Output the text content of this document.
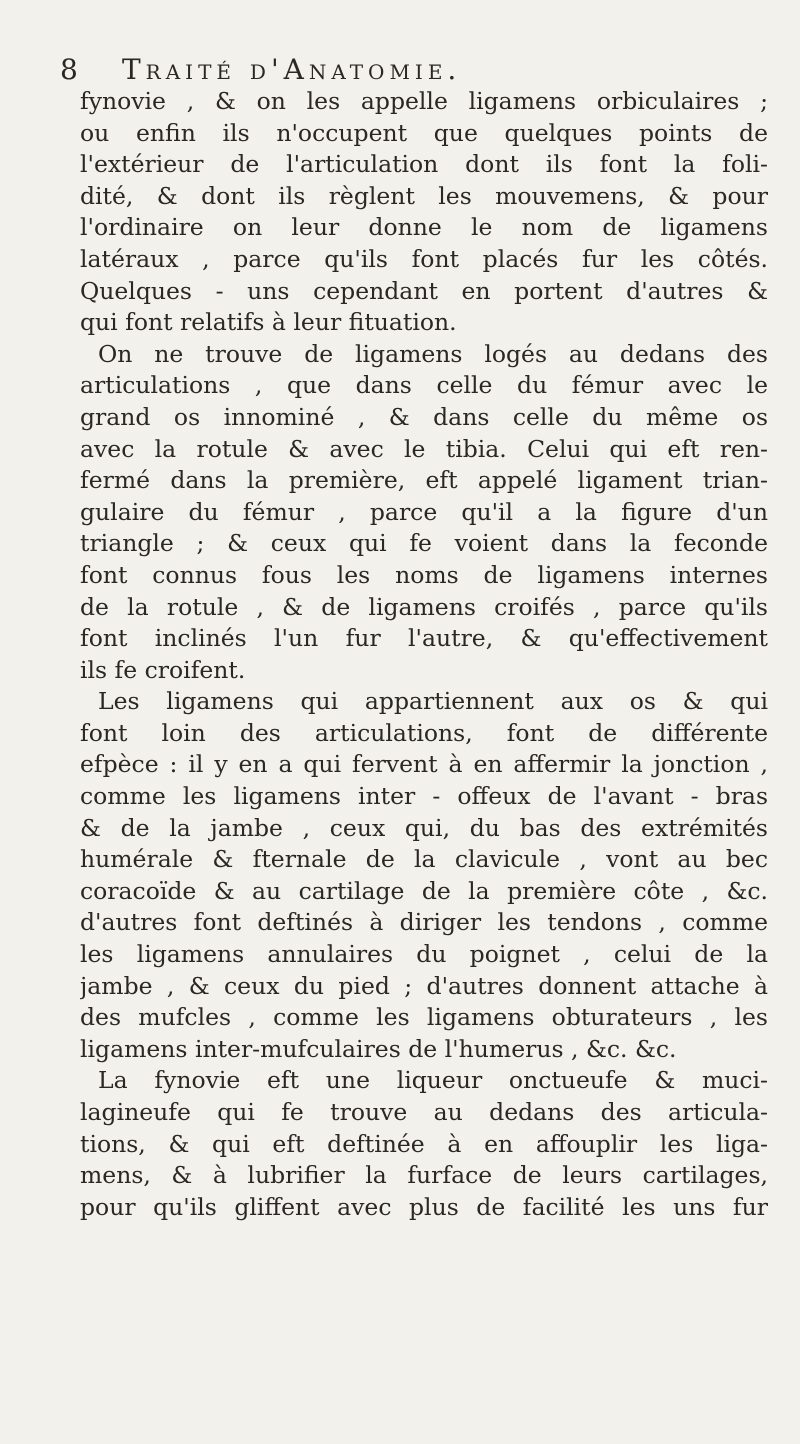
8 Traité d'Anatomie.
fynovie , & on les appelle ligamens orbiculaires ;
ou enfin ils n'occupent que quelques points de
l'extérieur de l'articulation dont ils font la foli-
dité, & dont ils règlent les mouvemens, & pour
l'ordinaire on leur donne le nom de ligamens
latéraux , parce qu'ils font placés fur les côtés.
Quelques - uns cependant en portent d'autres &
qui font relatifs à leur fituation.
On ne trouve de ligamens logés au dedans des
articulations , que dans celle du fémur avec le
grand os innominé , & dans celle du même os
avec la rotule & avec le tibia. Celui qui eft ren-
fermé dans la première, eft appelé ligament trian-
gulaire du fémur , parce qu'il a la figure d'un
triangle ; & ceux qui fe voient dans la feconde
font connus fous les noms de ligamens internes
de la rotule , & de ligamens croifés , parce qu'ils
font inclinés l'un fur l'autre, & qu'effectivement
ils fe croifent.
Les ligamens qui appartiennent aux os & qui
font loin des articulations, font de différente
efpèce : il y en a qui fervent à en affermir la jonction ,
comme les ligamens inter - offeux de l'avant - bras
& de la jambe , ceux qui, du bas des extrémités
humérale & fternale de la clavicule , vont au bec
coracoïde & au cartilage de la première côte , &c.
d'autres font deftinés à diriger les tendons , comme
les ligamens annulaires du poignet , celui de la
jambe , & ceux du pied ; d'autres donnent attache à
des mufcles , comme les ligamens obturateurs , les
ligamens inter-mufculaires de l'humerus , &c. &c.
La fynovie eft une liqueur onctueufe & muci-
lagineufe qui fe trouve au dedans des articula-
tions, & qui eft deftinée à en affouplir les liga-
mens, & à lubrifier la furface de leurs cartilages,
pour qu'ils gliffent avec plus de facilité les uns fur
